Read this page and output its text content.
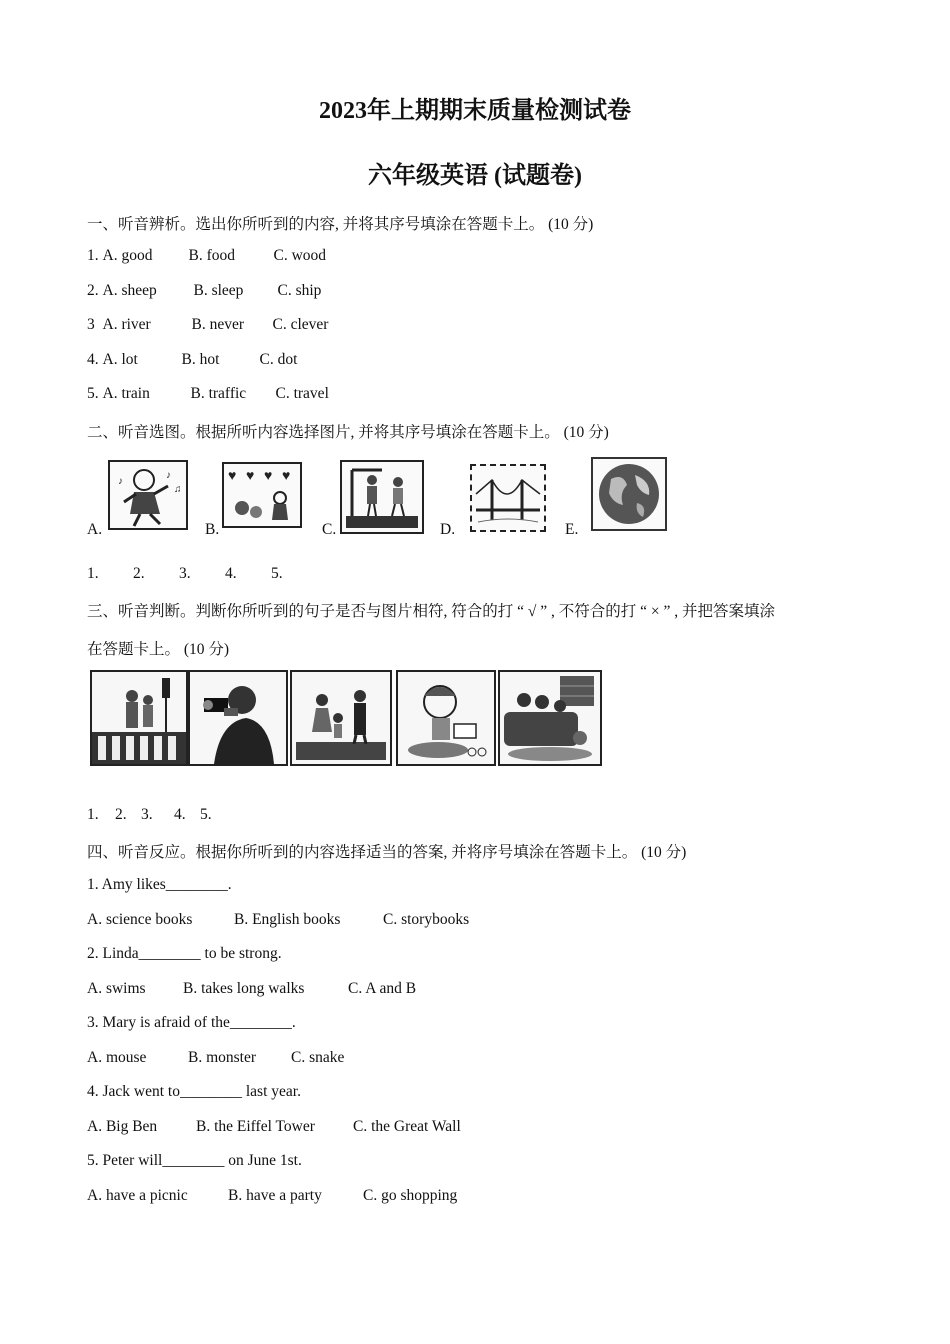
2023年上期期末质量检测试卷
六年级英语 (试题卷)
一、听音辨析。选出你所听到的内容, 并将其序号填涂在答题卡上。 (10 分)
1. A. good B. food C. wood
2. A. sheep B. sleep C. ship
3  A. river	B. never C. clever
4. A. lot	B. hot	C. dot
5. A. train	B. traffic C. travel
二、听音选图。根据所听内容选择图片, 并将其序号填涂在答题卡上。 (10 分)
A.
♪
♫
♪
B.
♥ ♥ ♥ ♥
C.	D.	E.
1. 2. 3. 4. 5.
三、听音判断。判断你所听到的句子是否与图片相符, 符合的打 “ √ ” , 不符合的打 “ × ” , 并把答案填涂
在答题卡上。 (10 分)
1. 2. 3. 4. 5.
四、听音反应。根据你所听到的内容选择适当的答案, 并将序号填涂在答题卡上。 (10 分)
1. Amy likes________.
A. science books	B. English books	C. storybooks
2. Linda________ to be strong.
A. swims B. takes long walks	C. A and B
3. Mary is afraid of the________.
A. mouse	B. monster C. snake
4. Jack went to________ last year.
A. Big Ben	B. the Eiffel Tower C. the Great Wall
5. Peter will________ on June 1st.
A. have a picnic	B. have a party	C. go shopping
